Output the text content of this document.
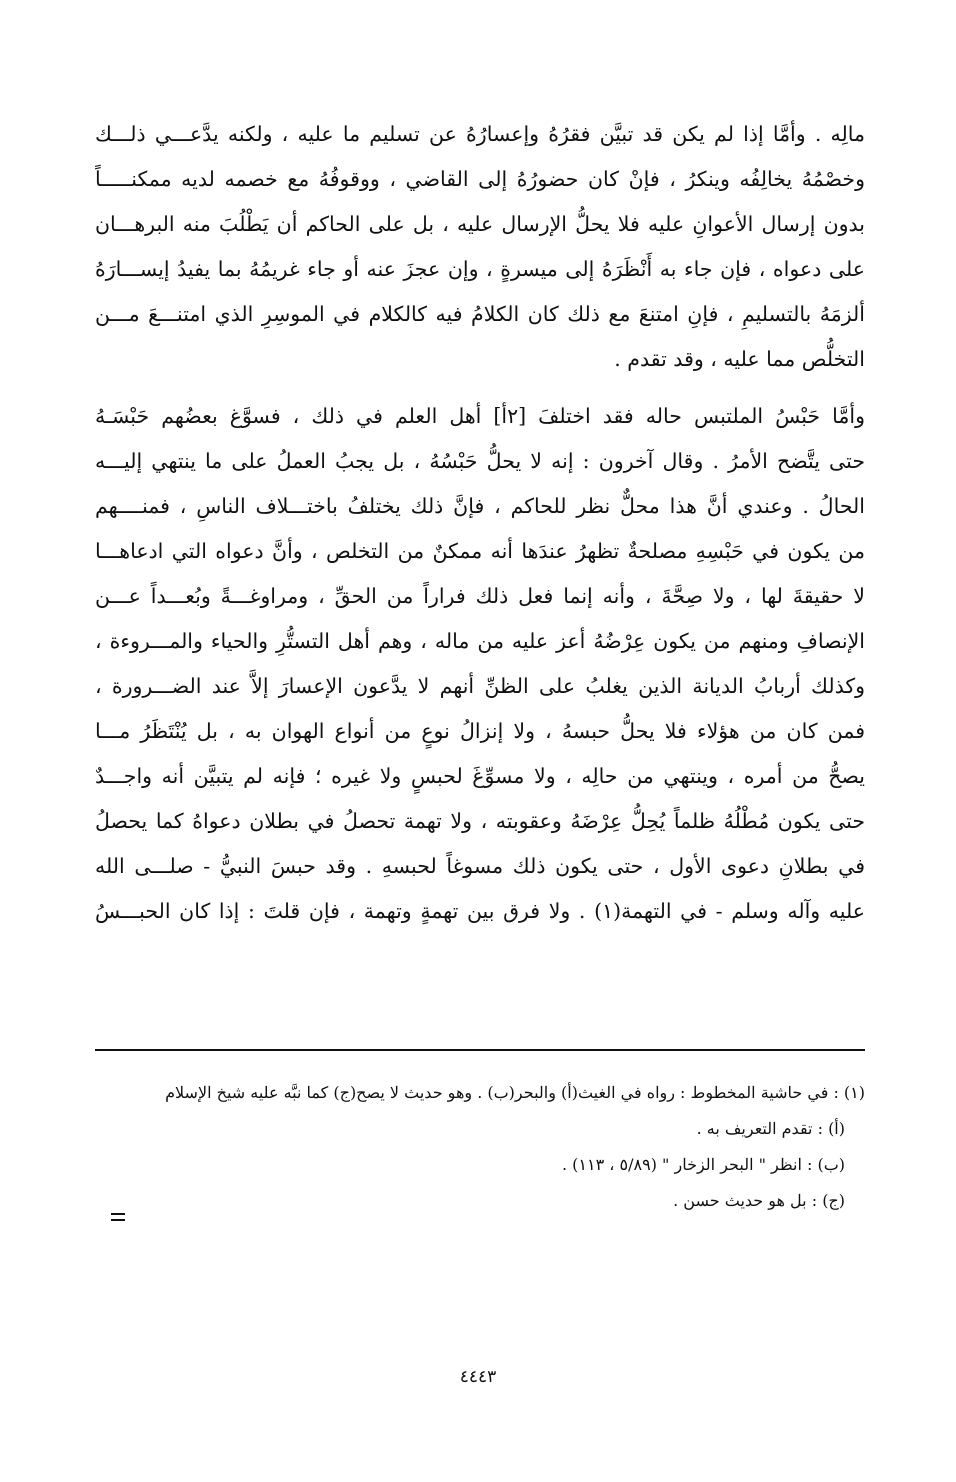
مالِه . وأمَّا إذا لم يكن قد تبيَّن فقرُهُ وإعسارُهُ عن تسليم ما عليه ، ولكنه يدَّعـــي ذلـــك
وخصْمُهُ يخالِفُه وينكرُ ، فإنْ كان حضورُهُ إلى القاضي ، ووقوفُهُ مع خصمه لديه ممكنـــــاً
بدون إرسال الأعوانِ عليه فلا يحلُّ الإرسال عليه ، بل على الحاكم أن يَطْلُبَ منه البرهـــان
على دعواه ، فإن جاء به أَنْظَرَهُ إلى ميسرةٍ ، وإن عجزَ عنه أو جاء غريمُهُ بما يفيدُ إيســـارَهُ
ألزمَهُ بالتسليمِ ، فإنِ امتنعَ مع ذلك كان الكلامُ فيه كالكلام في الموسِرِ الذي امتنـــعَ مـــن
التخلُّص مما عليه ، وقد تقدم .
وأمَّا حَبْسُ الملتبس حاله فقد اختلفَ [٢أ] أهل العلم في ذلك ، فسوَّغ بعضُهم حَبْسَـهُ
حتى يتَّضح الأمرُ . وقال آخرون : إنه لا يحلُّ حَبْسُهُ ، بل يجبُ العملُ على ما ينتهي إليـــه
الحالُ . وعندي أنَّ هذا محلٌّ نظر للحاكم ، فإنَّ ذلك يختلفُ باختـــلاف الناسِ ، فمنــــهم
من يكون في حَبْسِهِ مصلحةٌ تظهرُ عندَها أنه ممكنٌ من التخلص ، وأنَّ دعواه التي ادعاهـــا
لا حقيقةَ لها ، ولا صِحَّةَ ، وأنه إنما فعل ذلك فراراً من الحقِّ ، ومراوغـــةً وبُعـــداً عـــن
الإنصافِ ومنهم من يكون عِرْضُهُ أعز عليه من ماله ، وهم أهل التستُّرِ والحياء والمـــروءة ،
وكذلك أربابُ الديانة الذين يغلبُ على الظنِّ أنهم لا يدَّعون الإعسارَ إلاَّ عند الضـــرورة ،
فمن كان من هؤلاء فلا يحلُّ حبسهُ ، ولا إنزالُ نوعٍ من أنواع الهوان به ، بل يُنْتَظَرُ مـــا
يصحُّ من أمره ، وينتهي من حالِه ، ولا مسوِّغَ لحبسٍ ولا غيره ؛ فإنه لم يتبيَّن أنه واجـــدٌ
حتى يكون مُطْلُهُ ظلماً يُحِلُّ عِرْضَهُ وعقوبته ، ولا تهمة تحصلُ في بطلان دعواهُ كما يحصلُ
في بطلانِ دعوى الأول ، حتى يكون ذلك مسوغاً لحبسهِ . وقد حبسَ النبيُّ - صلـــى الله
عليه وآله وسلم - في التهمة(١) . ولا فرق بين تهمةٍ وتهمة ، فإن قلتَ : إذا كان الحبـــسُ
(١) : في حاشية المخطوط : رواه في الغيث(أ) والبحر(ب) . وهو حديث لا يصح(ج) كما نبَّه عليه شيخ الإسلام
(أ) : تقدم التعريف به .
(ب) : انظر " البحر الزخار " (٥/٨٩ ، ١١٣) .
(ج) : بل هو حديث حسن .
٤٤٤٣
